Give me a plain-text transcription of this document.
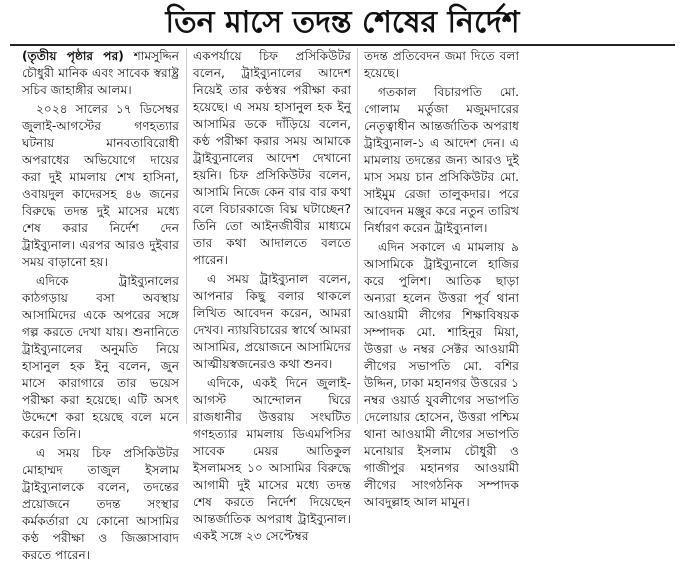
তিন মাসে তদন্ত শেষের নির্দেশ

(তৃতীয় পৃষ্ঠার পর) শামসুদ্দিন চৌধুরী মানিক এবং সাবেক স্বরাষ্ট্র সচিব জাহাঙ্গীর আলম।

২০২৪ সালের ১৭ ডিসেম্বর জুলাই-আগস্টের গণহত্যার ঘটনায় মানবতাবিরোধী অপরাধের অভিযোগে দায়ের করা দুই মামলায় শেখ হাসিনা, ওবায়দুল কাদেরসহ ৪৬ জনের বিরুদ্ধে তদন্ত দুই মাসের মধ্যে শেষ করার নির্দেশ দেন ট্রাইব্যুনাল। এরপর আরও দুইবার সময় বাড়ানো হয়।

এদিকে ট্রাইব্যুনালের কাঠগড়ায় বসা অবস্থায় আসামিদের একে অপরের সঙ্গে গল্প করতে দেখা যায়। শুনানিতে ট্রাইব্যুনালের অনুমতি নিয়ে হাসানুল হক ইনু বলেন, জুন মাসে কারাগারে তার ভয়েস পরীক্ষা করা হয়েছে। এটি অসৎ উদ্দেশে করা হয়েছে বলে মনে করেন তিনি।

এ সময় চিফ প্রসিকিউটর মোহাম্মদ তাজুল ইসলাম ট্রাইব্যুনালকে বলেন, তদন্তের প্রয়োজনে তদন্ত সংস্থার কর্মকর্তারা যে কোনো আসামির কণ্ঠ পরীক্ষা ও জিজ্ঞাসাবাদ করতে পারেন।

একপর্যায়ে চিফ প্রসিকিউটর বলেন, ট্রাইব্যুনালের আদেশ নিয়েই তার কণ্ঠস্বর পরীক্ষা করা হয়েছে। এ সময় হাসানুল হক ইনু আসামির ডকে দাঁড়িয়ে বলেন, কণ্ঠ পরীক্ষা করার সময় আমাকে ট্রাইব্যুনালের আদেশ দেখানো হয়নি। চিফ প্রসিকিউটর বলেন, আসামি নিজে কেন বার বার কথা বলে বিচারকাজে বিঘ্ন ঘটাচ্ছেন? তিনি তো আইনজীবীর মাধ্যমে তার কথা আদালতে বলতে পারেন।

এ সময় ট্রাইব্যুনাল বলেন, আপনার কিছু বলার থাকলে লিখিত আবেদন করেন, আমরা দেখব। ন্যায়বিচারের স্বার্থে আমরা আসামির, প্রয়োজনে আসামিদের আত্মীয়স্বজনেরও কথা শুনব।

এদিকে, একই দিনে জুলাই-আগস্ট আন্দোলন ঘিরে রাজধানীর উত্তরায় সংঘটিত গণহত্যার মামলায় ডিএমপিসির সাবেক মেয়র আতিকুল ইসলামসহ ১০ আসামির বিরুদ্ধে আগামী দুই মাসের মধ্যে তদন্ত শেষ করতে নির্দেশ দিয়েছেন আন্তর্জাতিক অপরাধ ট্রাইব্যুনাল। একই সঙ্গে ২৩ সেপ্টেম্বর

তদন্ত প্রতিবেদন জমা দিতে বলা হয়েছে।

গতকাল বিচারপতি মো. গোলাম মর্তুজা মজুমদারের নেতৃত্বাধীন আন্তর্জাতিক অপরাধ ট্রাইব্যুনাল-১ এ আদেশ দেন। এ মামলায় তদন্তের জন্য আরও দুই মাস সময় চান প্রসিকিউটর মো. সাইমুম রেজা তালুকদার। পরে আবেদন মঞ্জুর করে নতুন তারিখ নির্ধারণ করেন ট্রাইব্যুনাল।

এদিন সকালে এ মামলায় ৯ আসামিকে ট্রাইব্যুনালে হাজির করে পুলিশ। আতিক ছাড়া অন্যরা হলেন উত্তরা পূর্ব থানা আওয়ামী লীগের শিক্ষাবিষয়ক সম্পাদক মো. শাহিনুর মিয়া, উত্তরা ৬ নম্বর সেক্টর আওয়ামী লীগের সভাপতি মো. বশির উদ্দিন, ঢাকা মহানগর উত্তরের ১ নম্বর ওয়ার্ড যুবলীগের সভাপতি দেলোয়ার হোসেন, উত্তরা পশ্চিম থানা আওয়ামী লীগের সভাপতি মনোয়ার ইসলাম চৌধুরী ও গাজীপুর মহানগর আওয়ামী লীগের সাংগঠনিক সম্পাদক আবদুল্লাহ আল মামুন।
